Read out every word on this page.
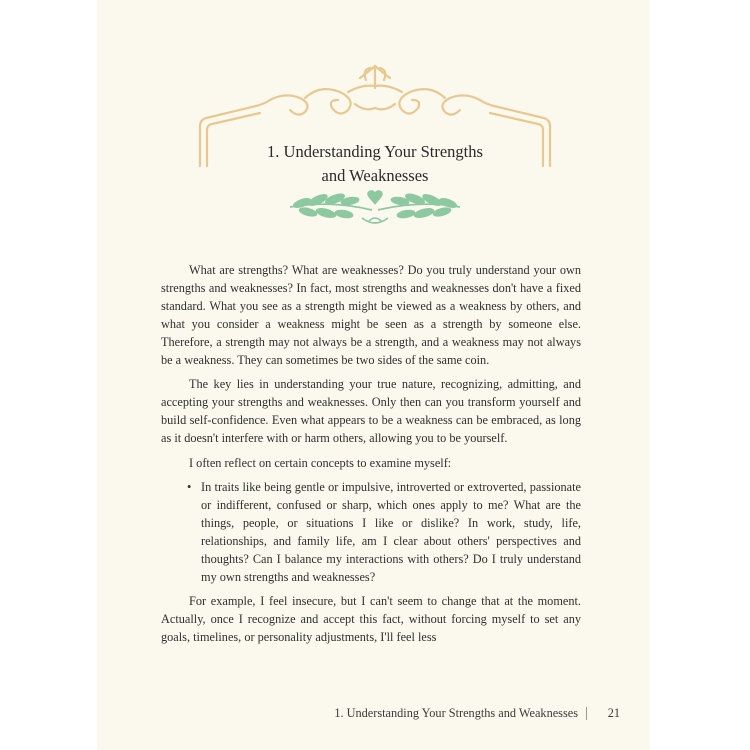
1. Understanding Your Strengths
and Weaknesses

What are strengths? What are weaknesses? Do you truly understand your own strengths and weaknesses? In fact, most strengths and weaknesses don't have a fixed standard. What you see as a strength might be viewed as a weakness by others, and what you consider a weakness might be seen as a strength by someone else. Therefore, a strength may not always be a strength, and a weakness may not always be a weakness. They can sometimes be two sides of the same coin.

The key lies in understanding your true nature, recognizing, admitting, and accepting your strengths and weaknesses. Only then can you transform yourself and build self-confidence. Even what appears to be a weakness can be embraced, as long as it doesn't interfere with or harm others, allowing you to be yourself.

I often reflect on certain concepts to examine myself:

• In traits like being gentle or impulsive, introverted or extroverted, passionate or indifferent, confused or sharp, which ones apply to me? What are the things, people, or situations I like or dislike? In work, study, life, relationships, and family life, am I clear about others' perspectives and thoughts? Can I balance my interactions with others? Do I truly understand my own strengths and weaknesses?

For example, I feel insecure, but I can't seem to change that at the moment. Actually, once I recognize and accept this fact, without forcing myself to set any goals, timelines, or personality adjustments, I'll feel less

1. Understanding Your Strengths and Weaknesses 21
